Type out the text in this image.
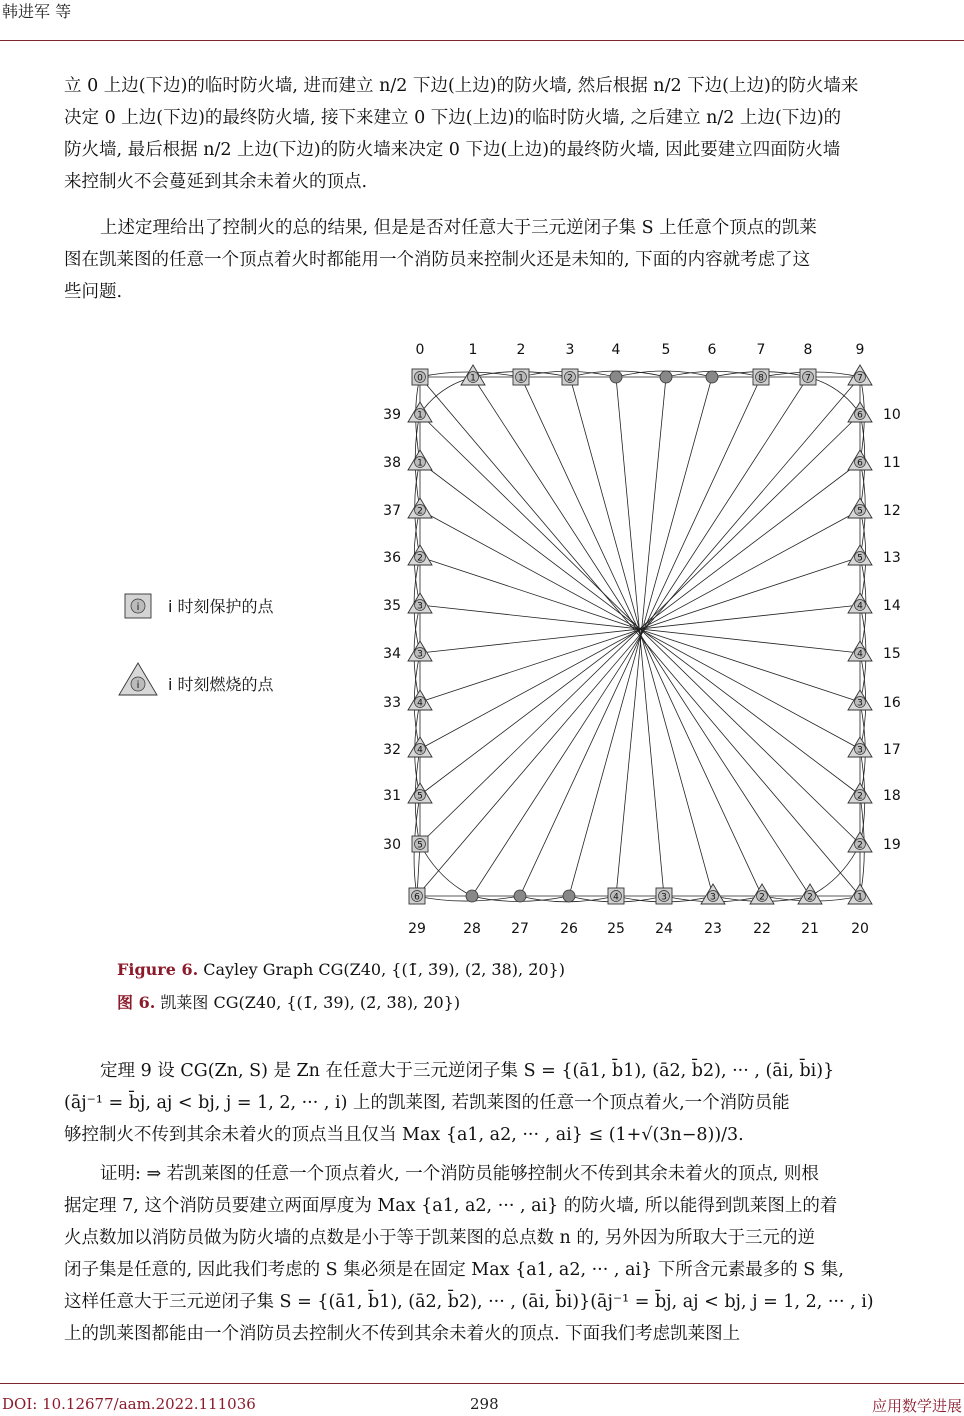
韩进军 等
立 0 上边(下边)的临时防火墙, 进而建立 n/2 下边(上边)的防火墙, 然后根据 n/2 下边(上边)的防火墙来
决定 0 上边(下边)的最终防火墙, 接下来建立 0 下边(上边)的临时防火墙, 之后建立 n/2 上边(下边)的
防火墙, 最后根据 n/2 上边(下边)的防火墙来决定 0 下边(上边)的最终防火墙, 因此要建立四面防火墙
来控制火不会蔓延到其余未着火的顶点.
上述定理给出了控制火的总的结果, 但是是否对任意大于三元逆闭子集 S 上任意个顶点的凯莱
图在凯莱图的任意一个顶点着火时都能用一个消防员来控制火还是未知的, 下面的内容就考虑了这
些问题.
0	1	1	2	8	7	7
6
6
5
5
4
4
3
3
2
2
1
2
2
3
3
4
6
5
5
4
4
3
3
2
2
1
1
0	1	2	3	4	5	6	7	8	9
10
11
12
13
14
15
16
17
18
19
20
21
22
23
24
25
26
27
28
29
30
31
32
33
34
35
36
37
38
39
i i 时刻保护的点
i i 时刻燃烧的点
Figure 6. Cayley Graph CG(Z40, {(1̄, 3̄9), (2̄, 3̄8), 2̄0})
图 6. 凯莱图 CG(Z40, {(1̄, 3̄9), (2̄, 3̄8), 2̄0})
定理 9 设 CG(Zn, S) 是 Zn 在任意大于三元逆闭子集 S = {(ā1, b̄1), (ā2, b̄2), ··· , (āi, b̄i)}
(āj⁻¹ = b̄j, aj < bj, j = 1, 2, ··· , i) 上的凯莱图, 若凯莱图的任意一个顶点着火,一个消防员能
够控制火不传到其余未着火的顶点当且仅当 Max {a1, a2, ··· , ai} ≤ (1+√(3n−8))/3.
证明: ⇒ 若凯莱图的任意一个顶点着火, 一个消防员能够控制火不传到其余未着火的顶点, 则根
据定理 7, 这个消防员要建立两面厚度为 Max {a1, a2, ··· , ai} 的防火墙, 所以能得到凯莱图上的着
火点数加以消防员做为防火墙的点数是小于等于凯莱图的总点数 n 的, 另外因为所取大于三元的逆
闭子集是任意的, 因此我们考虑的 S 集必须是在固定 Max {a1, a2, ··· , ai} 下所含元素最多的 S 集,
这样任意大于三元逆闭子集 S = {(ā1, b̄1), (ā2, b̄2), ··· , (āi, b̄i)}(āj⁻¹ = b̄j, aj < bj, j = 1, 2, ··· , i)
上的凯莱图都能由一个消防员去控制火不传到其余未着火的顶点. 下面我们考虑凯莱图上
DOI: 10.12677/aam.2022.111036	298	应用数学进展
